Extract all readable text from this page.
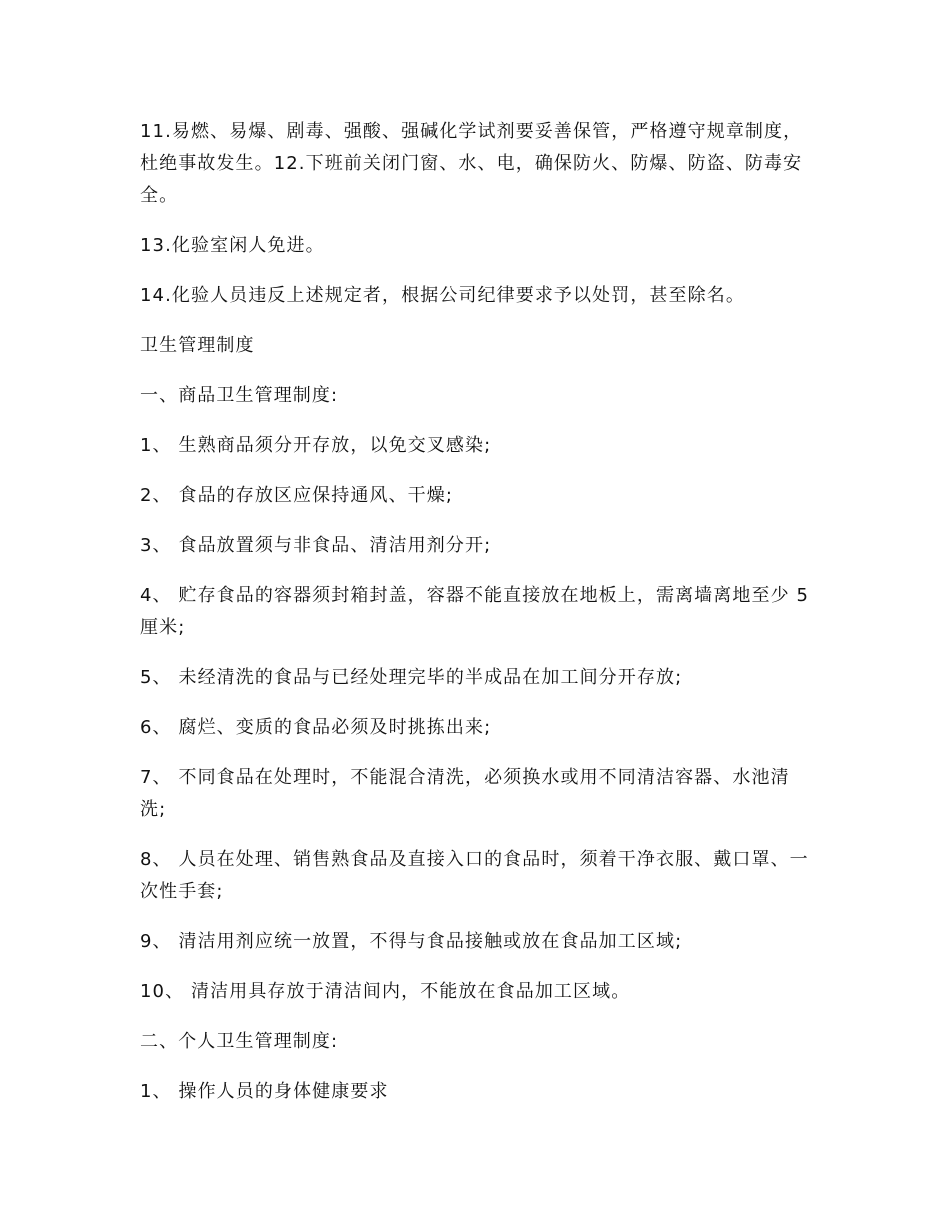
11.易燃、易爆、剧毒、强酸、强碱化学试剂要妥善保管，严格遵守规章制度，杜绝事故发生。12.下班前关闭门窗、水、电，确保防火、防爆、防盗、防毒安全。

13.化验室闲人免进。

14.化验人员违反上述规定者，根据公司纪律要求予以处罚，甚至除名。

卫生管理制度

一、商品卫生管理制度:

1、 生熟商品须分开存放，以免交叉感染;

2、 食品的存放区应保持通风、干燥;

3、 食品放置须与非食品、清洁用剂分开;

4、 贮存食品的容器须封箱封盖，容器不能直接放在地板上，需离墙离地至少 5 厘米;

5、 未经清洗的食品与已经处理完毕的半成品在加工间分开存放;

6、 腐烂、变质的食品必须及时挑拣出来;

7、 不同食品在处理时，不能混合清洗，必须换水或用不同清洁容器、水池清洗;

8、 人员在处理、销售熟食品及直接入口的食品时，须着干净衣服、戴口罩、一次性手套;

9、 清洁用剂应统一放置，不得与食品接触或放在食品加工区域;

10、 清洁用具存放于清洁间内，不能放在食品加工区域。

二、个人卫生管理制度:

1、 操作人员的身体健康要求
